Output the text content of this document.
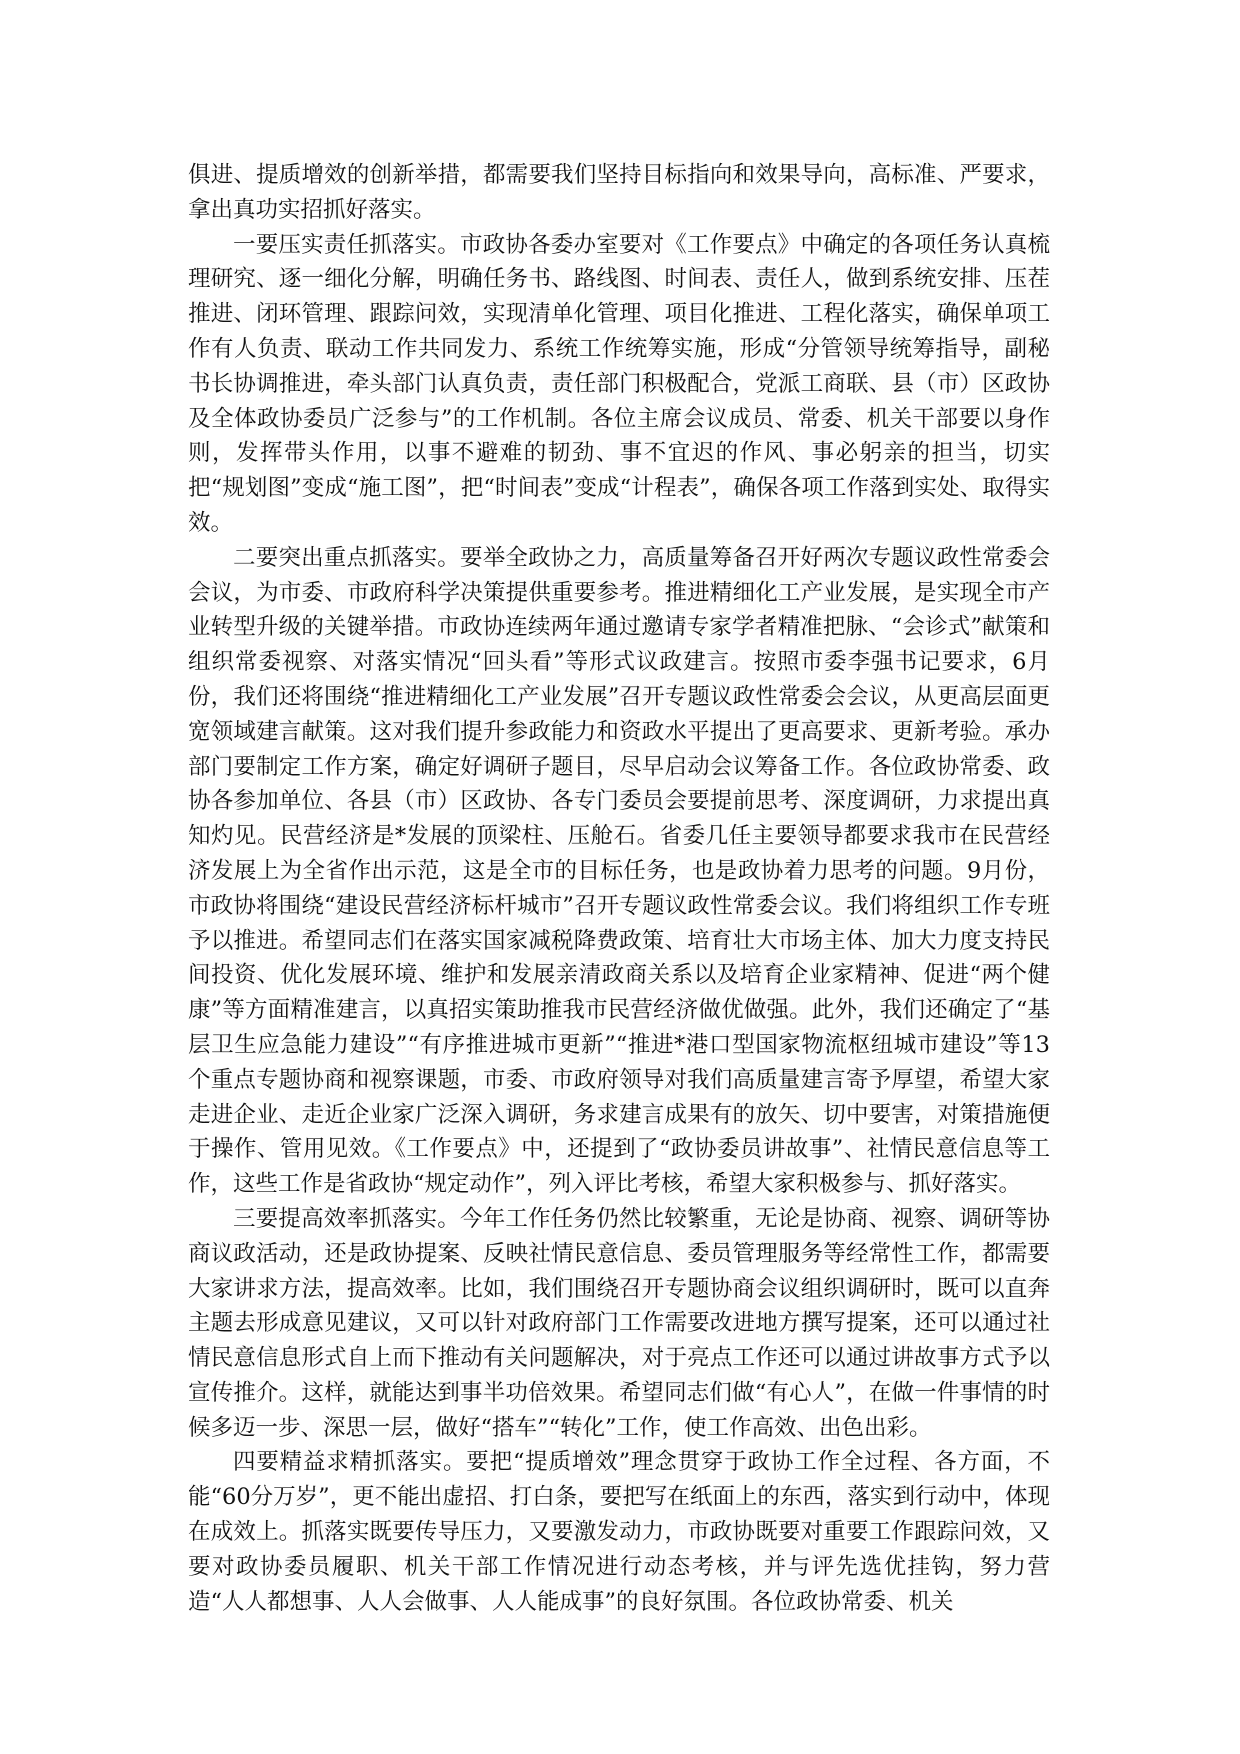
俱进、提质增效的创新举措，都需要我们坚持目标指向和效果导向，高标准、严要求，拿出真功实招抓好落实。

一要压实责任抓落实。市政协各委办室要对《工作要点》中确定的各项任务认真梳理研究、逐一细化分解，明确任务书、路线图、时间表、责任人，做到系统安排、压茬推进、闭环管理、跟踪问效，实现清单化管理、项目化推进、工程化落实，确保单项工作有人负责、联动工作共同发力、系统工作统筹实施，形成“分管领导统筹指导，副秘书长协调推进，牵头部门认真负责，责任部门积极配合，党派工商联、县（市）区政协及全体政协委员广泛参与”的工作机制。各位主席会议成员、常委、机关干部要以身作则，发挥带头作用，以事不避难的韧劲、事不宜迟的作风、事必躬亲的担当，切实把“规划图”变成“施工图”，把“时间表”变成“计程表”，确保各项工作落到实处、取得实效。

二要突出重点抓落实。要举全政协之力，高质量筹备召开好两次专题议政性常委会会议，为市委、市政府科学决策提供重要参考。推进精细化工产业发展，是实现全市产业转型升级的关键举措。市政协连续两年通过邀请专家学者精准把脉、“会诊式”献策和组织常委视察、对落实情况“回头看”等形式议政建言。按照市委李强书记要求，6月份，我们还将围绕“推进精细化工产业发展”召开专题议政性常委会会议，从更高层面更宽领域建言献策。这对我们提升参政能力和资政水平提出了更高要求、更新考验。承办部门要制定工作方案，确定好调研子题目，尽早启动会议筹备工作。各位政协常委、政协各参加单位、各县（市）区政协、各专门委员会要提前思考、深度调研，力求提出真知灼见。民营经济是*发展的顶梁柱、压舱石。省委几任主要领导都要求我市在民营经济发展上为全省作出示范，这是全市的目标任务，也是政协着力思考的问题。9月份，市政协将围绕“建设民营经济标杆城市”召开专题议政性常委会议。我们将组织工作专班予以推进。希望同志们在落实国家减税降费政策、培育壮大市场主体、加大力度支持民间投资、优化发展环境、维护和发展亲清政商关系以及培育企业家精神、促进“两个健康”等方面精准建言，以真招实策助推我市民营经济做优做强。此外，我们还确定了“基层卫生应急能力建设”“有序推进城市更新”“推进*港口型国家物流枢纽城市建设”等13个重点专题协商和视察课题，市委、市政府领导对我们高质量建言寄予厚望，希望大家走进企业、走近企业家广泛深入调研，务求建言成果有的放矢、切中要害，对策措施便于操作、管用见效。《工作要点》中，还提到了“政协委员讲故事”、社情民意信息等工作，这些工作是省政协“规定动作”，列入评比考核，希望大家积极参与、抓好落实。

三要提高效率抓落实。今年工作任务仍然比较繁重，无论是协商、视察、调研等协商议政活动，还是政协提案、反映社情民意信息、委员管理服务等经常性工作，都需要大家讲求方法，提高效率。比如，我们围绕召开专题协商会议组织调研时，既可以直奔主题去形成意见建议，又可以针对政府部门工作需要改进地方撰写提案，还可以通过社情民意信息形式自上而下推动有关问题解决，对于亮点工作还可以通过讲故事方式予以宣传推介。这样，就能达到事半功倍效果。希望同志们做“有心人”，在做一件事情的时候多迈一步、深思一层，做好“搭车”“转化”工作，使工作高效、出色出彩。

四要精益求精抓落实。要把“提质增效”理念贯穿于政协工作全过程、各方面，不能“60分万岁”，更不能出虚招、打白条，要把写在纸面上的东西，落实到行动中，体现在成效上。抓落实既要传导压力，又要激发动力，市政协既要对重要工作跟踪问效，又要对政协委员履职、机关干部工作情况进行动态考核，并与评先选优挂钩，努力营造“人人都想事、人人会做事、人人能成事”的良好氛围。各位政协常委、机关
